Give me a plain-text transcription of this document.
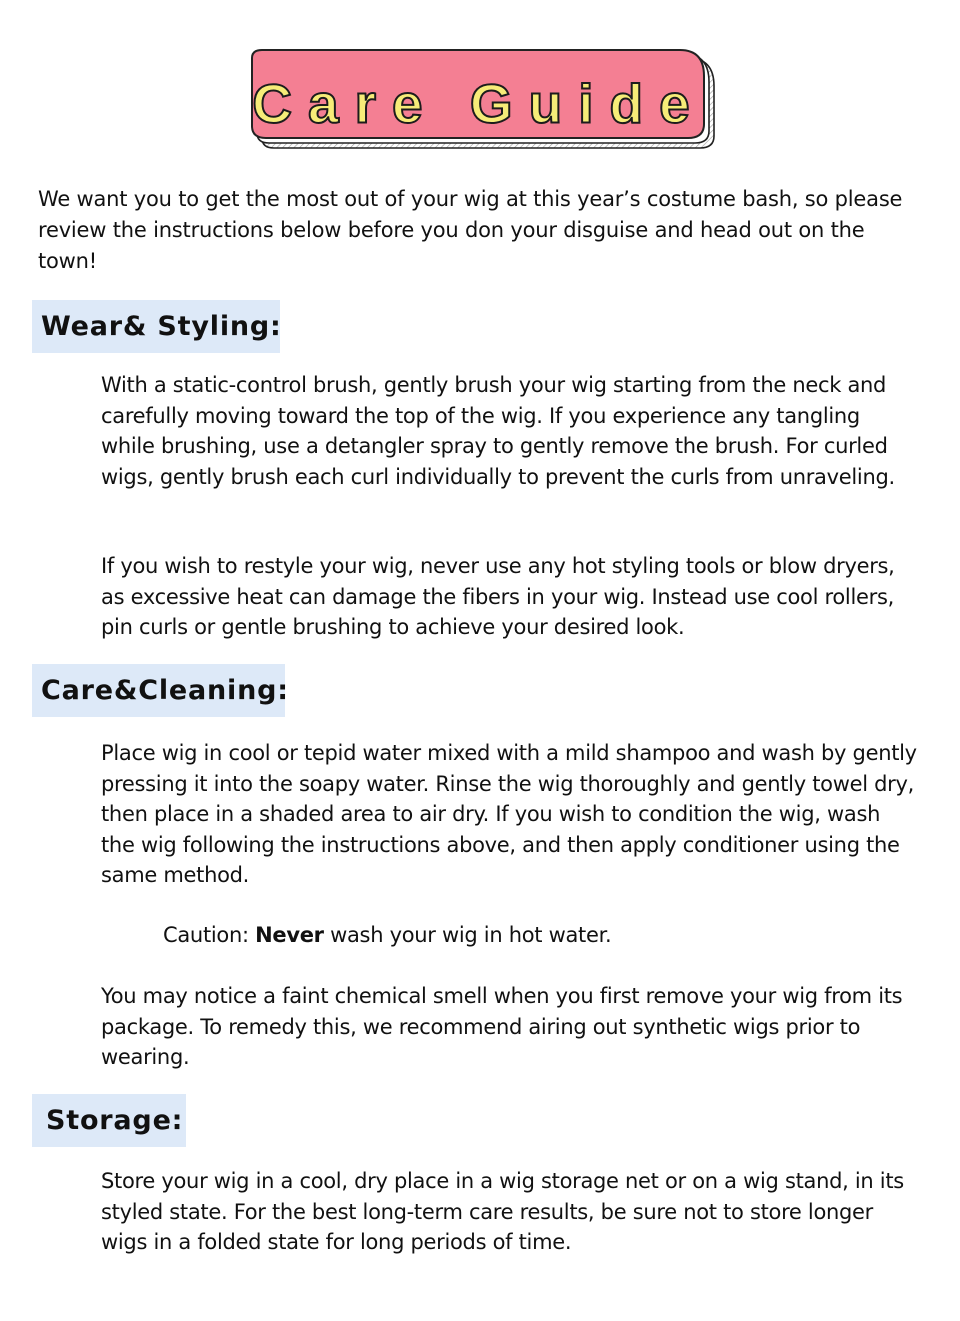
Care Guide
We want you to get the most out of your wig at this year’s costume bash, so please review the instructions below before you don your disguise and head out on the town!
Wear& Styling:
With a static-control brush, gently brush your wig starting from the neck and carefully moving toward the top of the wig. If you experience any tangling while brushing, use a detangler spray to gently remove the brush. For curled wigs, gently brush each curl individually to prevent the curls from unraveling.
If you wish to restyle your wig, never use any hot styling tools or blow dryers, as excessive heat can damage the fibers in your wig. Instead use cool rollers, pin curls or gentle brushing to achieve your desired look.
Care&Cleaning:
Place wig in cool or tepid water mixed with a mild shampoo and wash by gently pressing it into the soapy water. Rinse the wig thoroughly and gently towel dry, then place in a shaded area to air dry. If you wish to condition the wig, wash the wig following the instructions above, and then apply conditioner using the same method.
Caution: Never wash your wig in hot water.
You may notice a faint chemical smell when you first remove your wig from its package. To remedy this, we recommend airing out synthetic wigs prior to wearing.
Storage:
Store your wig in a cool, dry place in a wig storage net or on a wig stand, in its styled state. For the best long-term care results, be sure not to store longer wigs in a folded state for long periods of time.
